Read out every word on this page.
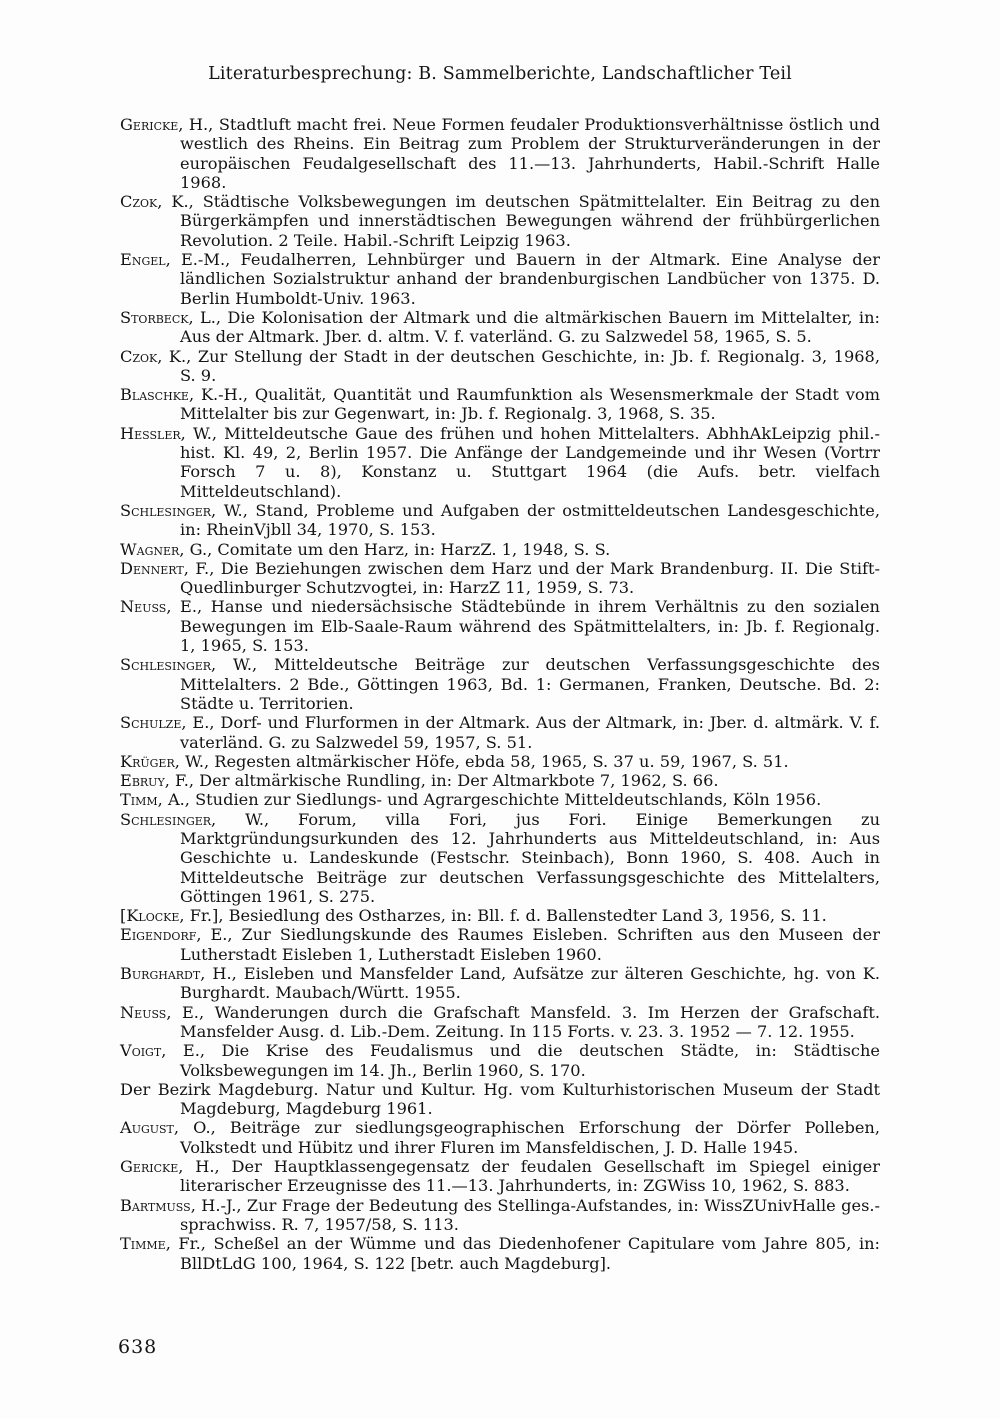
Literaturbesprechung: B. Sammelberichte, Landschaftlicher Teil

Gericke, H., Stadtluft macht frei. Neue Formen feudaler Produktionsverhältnisse östlich und westlich des Rheins. Ein Beitrag zum Problem der Strukturveränderungen in der europäischen Feudalgesellschaft des 11.—13. Jahrhunderts, Habil.-Schrift Halle 1968.

Czok, K., Städtische Volksbewegungen im deutschen Spätmittelalter. Ein Beitrag zu den Bürgerkämpfen und innerstädtischen Bewegungen während der frühbürgerlichen Revolution. 2 Teile. Habil.-Schrift Leipzig 1963.

Engel, E.-M., Feudalherren, Lehnbürger und Bauern in der Altmark. Eine Analyse der ländlichen Sozialstruktur anhand der brandenburgischen Landbücher von 1375. D. Berlin Humboldt-Univ. 1963.

Storbeck, L., Die Kolonisation der Altmark und die altmärkischen Bauern im Mittelalter, in: Aus der Altmark. Jber. d. altm. V. f. vaterländ. G. zu Salzwedel 58, 1965, S. 5.

Czok, K., Zur Stellung der Stadt in der deutschen Geschichte, in: Jb. f. Regionalg. 3, 1968, S. 9.

Blaschke, K.-H., Qualität, Quantität und Raumfunktion als Wesensmerkmale der Stadt vom Mittelalter bis zur Gegenwart, in: Jb. f. Regionalg. 3, 1968, S. 35.

Hessler, W., Mitteldeutsche Gaue des frühen und hohen Mittelalters. AbhhAkLeipzig phil.-hist. Kl. 49, 2, Berlin 1957. Die Anfänge der Landgemeinde und ihr Wesen (Vortrr Forsch 7 u. 8), Konstanz u. Stuttgart 1964 (die Aufs. betr. vielfach Mitteldeutschland).

Schlesinger, W., Stand, Probleme und Aufgaben der ostmitteldeutschen Landesgeschichte, in: RheinVjbll 34, 1970, S. 153.

Wagner, G., Comitate um den Harz, in: HarzZ. 1, 1948, S. S.

Dennert, F., Die Beziehungen zwischen dem Harz und der Mark Brandenburg. II. Die Stift-Quedlinburger Schutzvogtei, in: HarzZ 11, 1959, S. 73.

Neuss, E., Hanse und niedersächsische Städtebünde in ihrem Verhältnis zu den sozialen Bewegungen im Elb-Saale-Raum während des Spätmittelalters, in: Jb. f. Regionalg. 1, 1965, S. 153.

Schlesinger, W., Mitteldeutsche Beiträge zur deutschen Verfassungsgeschichte des Mittelalters. 2 Bde., Göttingen 1963, Bd. 1: Germanen, Franken, Deutsche. Bd. 2: Städte u. Territorien.

Schulze, E., Dorf- und Flurformen in der Altmark. Aus der Altmark, in: Jber. d. altmärk. V. f. vaterländ. G. zu Salzwedel 59, 1957, S. 51.

Krüger, W., Regesten altmärkischer Höfe, ebda 58, 1965, S. 37 u. 59, 1967, S. 51.

Ebruy, F., Der altmärkische Rundling, in: Der Altmarkbote 7, 1962, S. 66.

Timm, A., Studien zur Siedlungs- und Agrargeschichte Mitteldeutschlands, Köln 1956.

Schlesinger, W., Forum, villa Fori, jus Fori. Einige Bemerkungen zu Marktgründungsurkunden des 12. Jahrhunderts aus Mitteldeutschland, in: Aus Geschichte u. Landeskunde (Festschr. Steinbach), Bonn 1960, S. 408. Auch in Mitteldeutsche Beiträge zur deutschen Verfassungsgeschichte des Mittelalters, Göttingen 1961, S. 275.

[Klocke, Fr.], Besiedlung des Ostharzes, in: Bll. f. d. Ballenstedter Land 3, 1956, S. 11.

Eigendorf, E., Zur Siedlungskunde des Raumes Eisleben. Schriften aus den Museen der Lutherstadt Eisleben 1, Lutherstadt Eisleben 1960.

Burghardt, H., Eisleben und Mansfelder Land, Aufsätze zur älteren Geschichte, hg. von K. Burghardt. Maubach/Württ. 1955.

Neuss, E., Wanderungen durch die Grafschaft Mansfeld. 3. Im Herzen der Grafschaft. Mansfelder Ausg. d. Lib.-Dem. Zeitung. In 115 Forts. v. 23. 3. 1952 — 7. 12. 1955.

Voigt, E., Die Krise des Feudalismus und die deutschen Städte, in: Städtische Volksbewegungen im 14. Jh., Berlin 1960, S. 170.

Der Bezirk Magdeburg. Natur und Kultur. Hg. vom Kulturhistorischen Museum der Stadt Magdeburg, Magdeburg 1961.

August, O., Beiträge zur siedlungsgeographischen Erforschung der Dörfer Polleben, Volkstedt und Hübitz und ihrer Fluren im Mansfeldischen, J. D. Halle 1945.

Gericke, H., Der Hauptklassengegensatz der feudalen Gesellschaft im Spiegel einiger literarischer Erzeugnisse des 11.—13. Jahrhunderts, in: ZGWiss 10, 1962, S. 883.

Bartmuss, H.-J., Zur Frage der Bedeutung des Stellinga-Aufstandes, in: WissZUnivHalle ges.-sprachwiss. R. 7, 1957/58, S. 113.

Timme, Fr., Scheßel an der Wümme und das Diedenhofener Capitulare vom Jahre 805, in: BllDtLdG 100, 1964, S. 122 [betr. auch Magdeburg].

638
